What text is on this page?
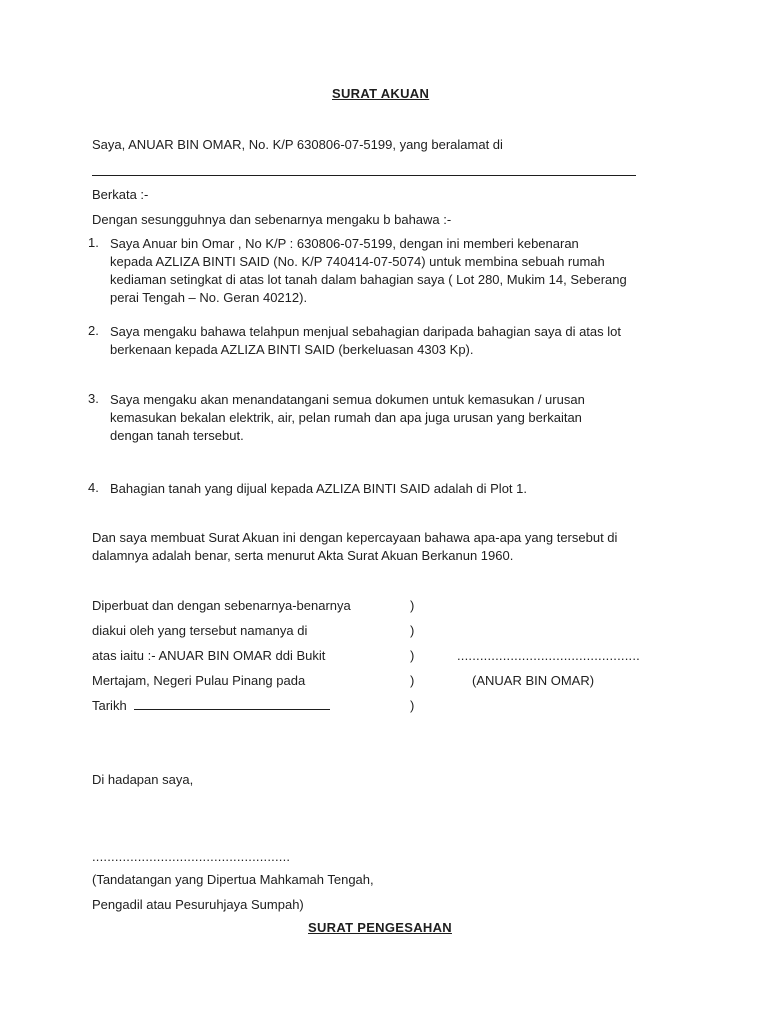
SURAT AKUAN
Saya, ANUAR BIN OMAR, No. K/P 630806-07-5199, yang beralamat di
Berkata :-
Dengan sesungguhnya dan sebenarnya mengaku b bahawa :-
1. Saya Anuar bin Omar , No K/P : 630806-07-5199, dengan ini memberi kebenaran
kepada AZLIZA BINTI SAID (No. K/P 740414-07-5074) untuk membina sebuah rumah
kediaman setingkat di atas lot tanah dalam bahagian saya ( Lot 280, Mukim 14, Seberang
perai Tengah – No. Geran 40212).
2. Saya mengaku bahawa telahpun menjual sebahagian daripada bahagian saya di atas lot
berkenaan kepada AZLIZA BINTI SAID (berkeluasan 4303 Kp).
3. Saya mengaku akan menandatangani semua dokumen untuk kemasukan / urusan
kemasukan bekalan elektrik, air, pelan rumah dan apa juga urusan yang berkaitan
dengan tanah tersebut.
4. Bahagian tanah yang dijual kepada AZLIZA BINTI SAID adalah di Plot 1.
Dan saya membuat Surat Akuan ini dengan kepercayaan bahawa apa-apa yang tersebut di
dalamnya adalah benar, serta menurut Akta Surat Akuan Berkanun 1960.
Diperbuat dan dengan sebenarnya-benarnya
diakui oleh yang tersebut namanya di
atas iaitu :- ANUAR BIN OMAR ddi Bukit
Mertajam, Negeri Pulau Pinang pada
Tarikh
)
)
)
)
)
................................................
(ANUAR BIN OMAR)
Di hadapan saya,
....................................................
(Tandatangan yang Dipertua Mahkamah Tengah,
Pengadil atau Pesuruhjaya Sumpah)
SURAT PENGESAHAN
